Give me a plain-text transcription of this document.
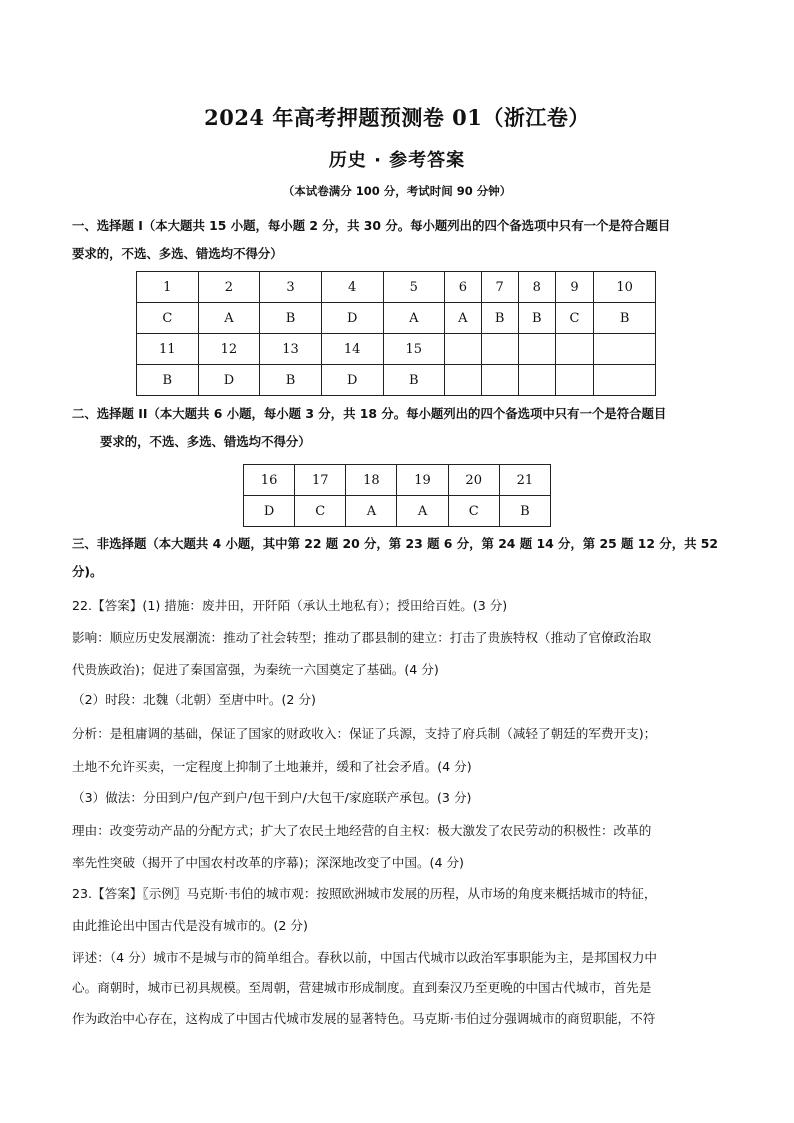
2024 年高考押题预测卷 01（浙江卷）
历史 · 参考答案
（本试卷满分 100 分，考试时间 90 分钟）
一、选择题 I（本大题共 15 小题，每小题 2 分，共 30 分。每小题列出的四个备选项中只有一个是符合题目
要求的，不选、多选、错选均不得分）
1	2	3	4	5	6	7	8	9	10
C	A	B	D	A	A	B	B	C	B
11	12	13	14	15					
B	D	B	D	B					
二、选择题 II（本大题共 6 小题，每小题 3 分，共 18 分。每小题列出的四个备选项中只有一个是符合题目
要求的，不选、多选、错选均不得分）
16	17	18	19	20	21
D	C	A	A	C	B
三、非选择题（本大题共 4 小题，其中第 22 题 20 分，第 23 题 6 分，第 24 题 14 分，第 25 题 12 分，共 52
分)。
22.【答案】(1) 措施：废井田，开阡陌（承认土地私有）；授田给百姓。(3 分)
影响：顺应历史发展潮流：推动了社会转型；推动了郡县制的建立：打击了贵族特权（推动了官僚政治取
代贵族政治)；促进了秦国富强，为秦统一六国奠定了基础。(4 分)
（2）时段：北魏（北朝）至唐中叶。(2 分)
分析：是租庸调的基础，保证了国家的财政收入：保证了兵源，支持了府兵制（减轻了朝廷的军费开支)；
土地不允许买卖，一定程度上抑制了土地兼并，缓和了社会矛盾。(4 分)
（3）做法：分田到户/包产到户/包干到户/大包干/家庭联产承包。(3 分)
理由：改变劳动产品的分配方式；扩大了农民土地经营的自主权：极大激发了农民劳动的积极性：改革的
率先性突破（揭开了中国农村改革的序幕)；深深地改变了中国。(4 分)
23.【答案】〖示例〗马克斯·韦伯的城市观：按照欧洲城市发展的历程，从市场的角度来概括城市的特征，
由此推论出中国古代是没有城市的。(2 分)
评述：（4 分）城市不是城与市的简单组合。春秋以前，中国古代城市以政治军事职能为主，是邦国权力中
心。商朝时，城市已初具规模。至周朝，营建城市形成制度。直到秦汉乃至更晚的中国古代城市，首先是
作为政治中心存在，这构成了中国古代城市发展的显著特色。马克斯·韦伯过分强调城市的商贸职能，不符
